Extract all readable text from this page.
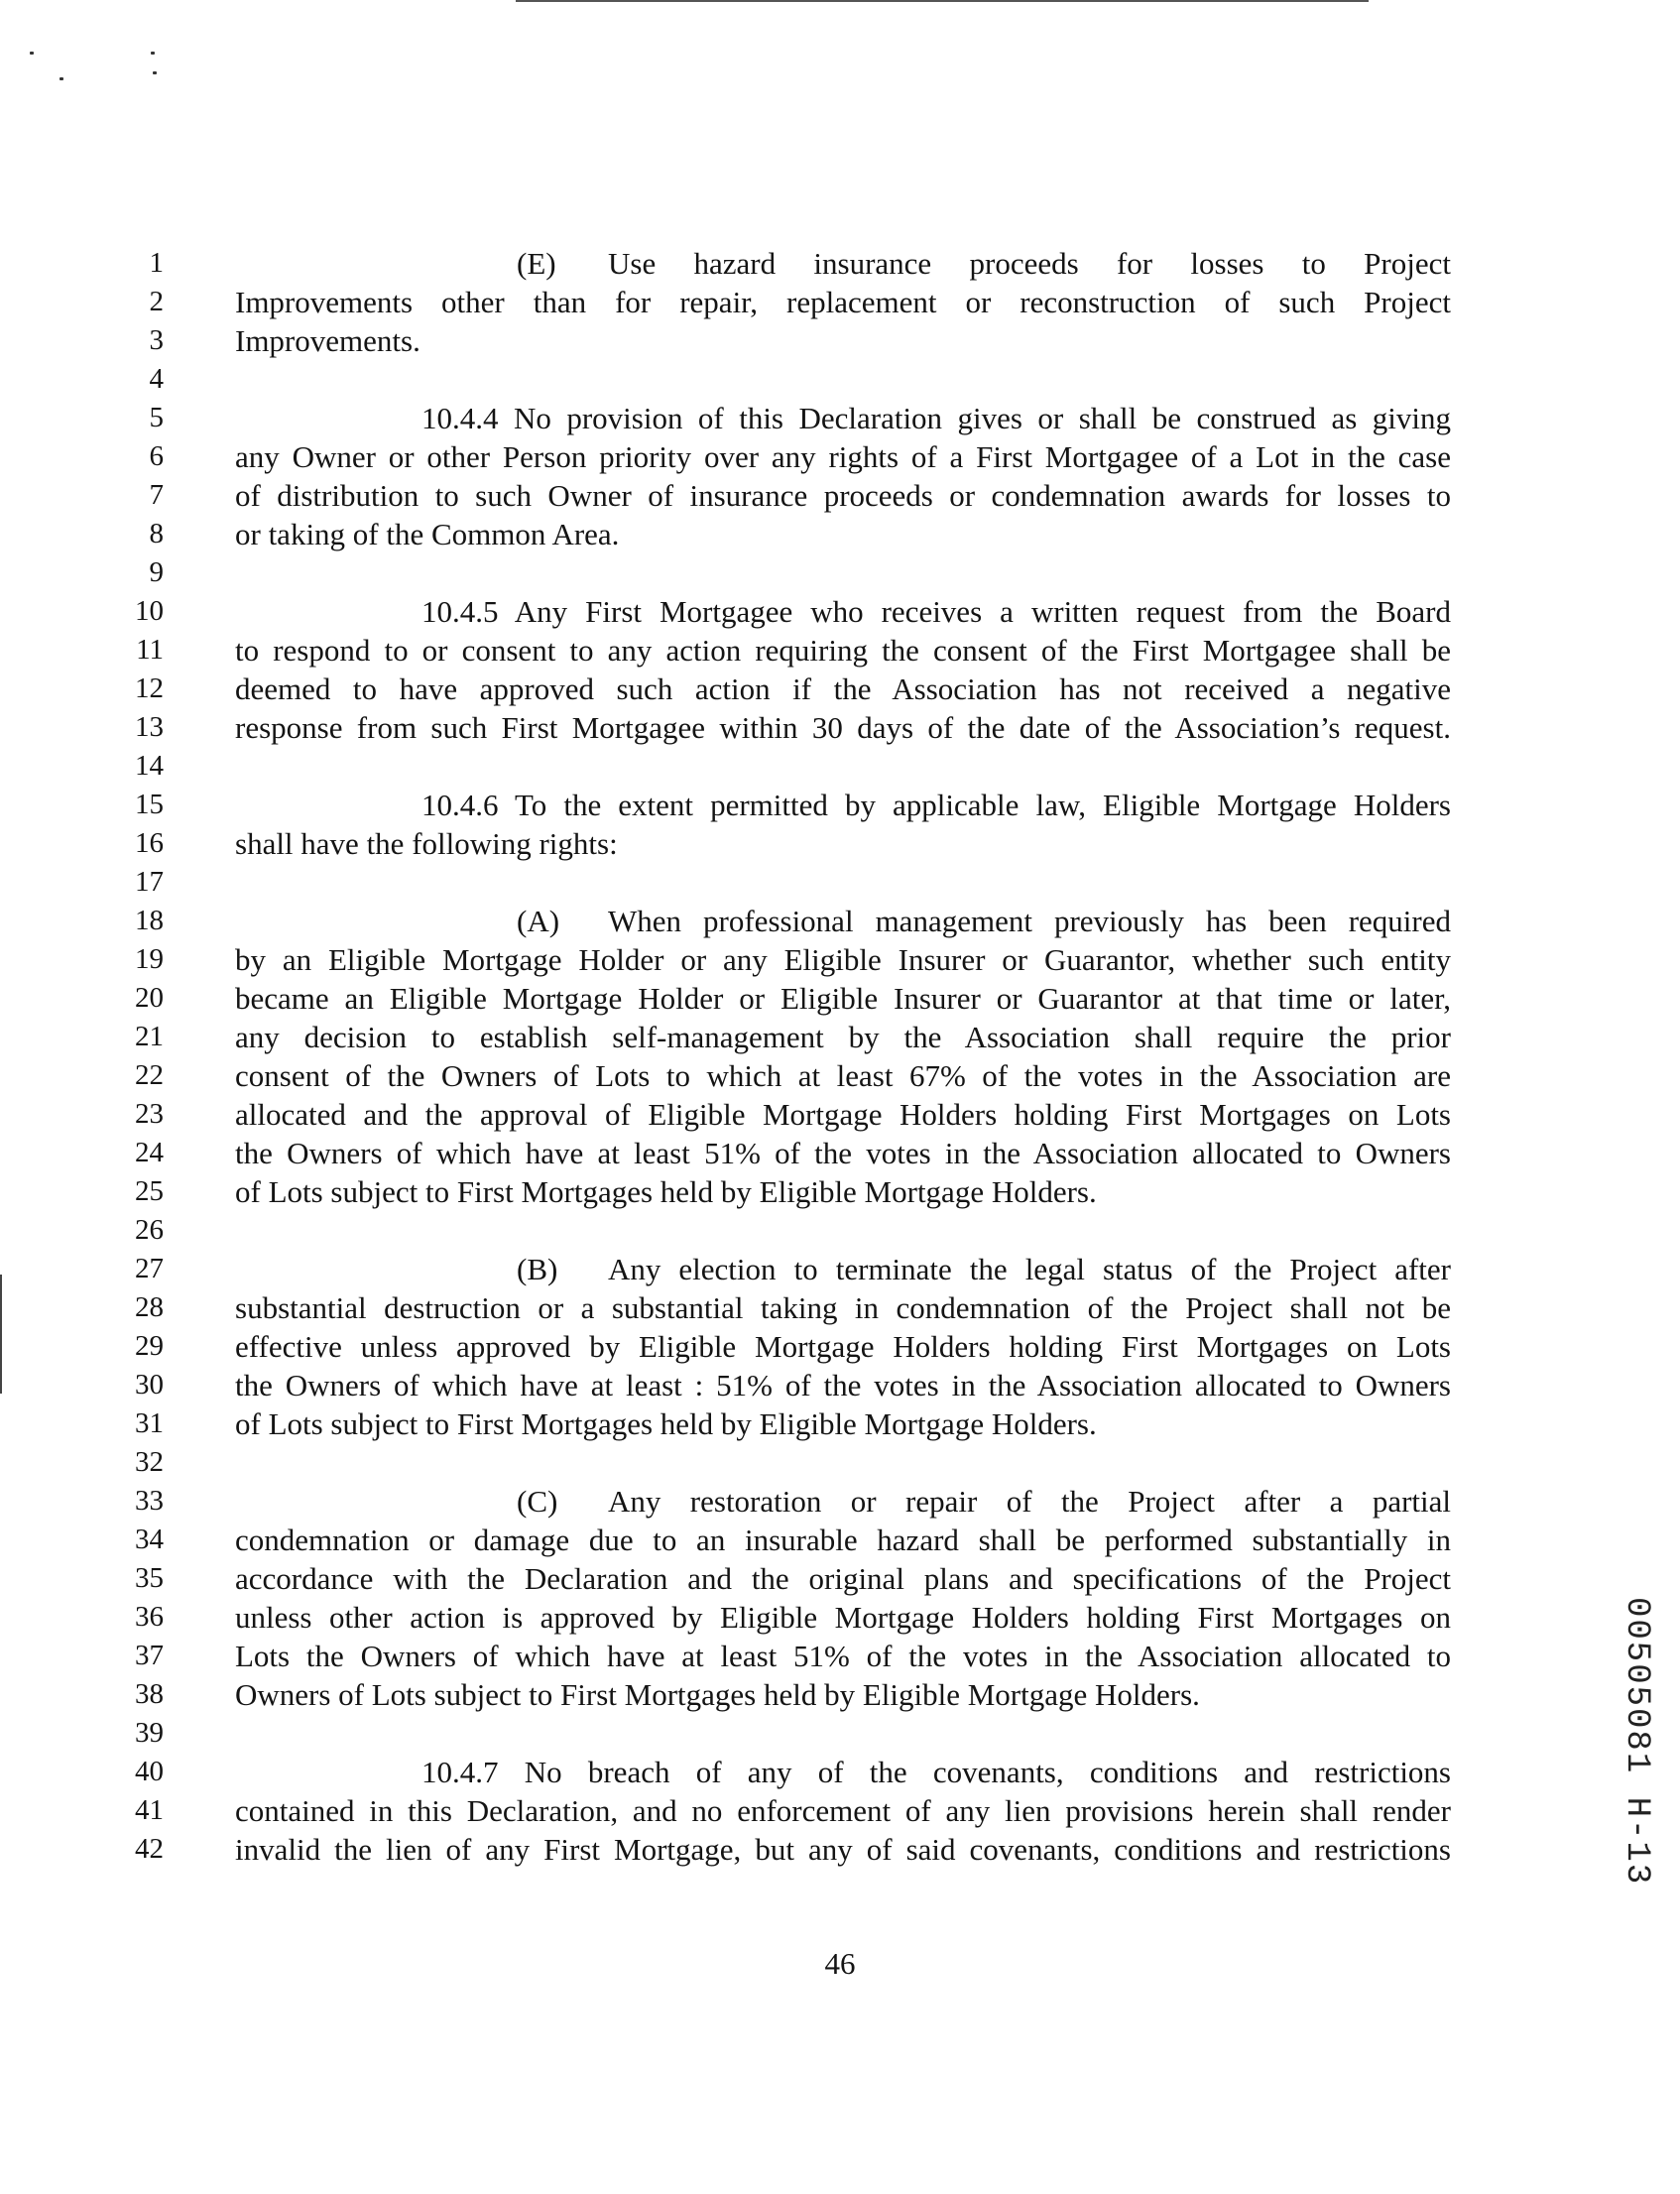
1	(E) Use hazard insurance proceeds for losses to Project
2 Improvements other than for repair, replacement or reconstruction of such Project
3 Improvements.
4
5	10.4.4 No provision of this Declaration gives or shall be construed as giving
6 any Owner or other Person priority over any rights of a First Mortgagee of a Lot in the case
7 of distribution to such Owner of insurance proceeds or condemnation awards for losses to
8 or taking of the Common Area.
9
10	10.4.5 Any First Mortgagee who receives a written request from the Board
11 to respond to or consent to any action requiring the consent of the First Mortgagee shall be
12 deemed to have approved such action if the Association has not received a negative
13 response from such First Mortgagee within 30 days of the date of the Association’s request.
14
15	10.4.6 To the extent permitted by applicable law, Eligible Mortgage Holders
16 shall have the following rights:
17
18	(A) When professional management previously has been required
19 by an Eligible Mortgage Holder or any Eligible Insurer or Guarantor, whether such entity
20 became an Eligible Mortgage Holder or Eligible Insurer or Guarantor at that time or later,
21 any decision to establish self-management by the Association shall require the prior
22 consent of the Owners of Lots to which at least 67% of the votes in the Association are
23 allocated and the approval of Eligible Mortgage Holders holding First Mortgages on Lots
24 the Owners of which have at least 51% of the votes in the Association allocated to Owners
25 of Lots subject to First Mortgages held by Eligible Mortgage Holders.
26
27	(B) Any election to terminate the legal status of the Project after
28 substantial destruction or a substantial taking in condemnation of the Project shall not be
29 effective unless approved by Eligible Mortgage Holders holding First Mortgages on Lots
30 the Owners of which have at least : 51% of the votes in the Association allocated to Owners
31 of Lots subject to First Mortgages held by Eligible Mortgage Holders.
32
33	(C) Any restoration or repair of the Project after a partial
34 condemnation or damage due to an insurable hazard shall be performed substantially in
35 accordance with the Declaration and the original plans and specifications of the Project
36 unless other action is approved by Eligible Mortgage Holders holding First Mortgages on
37 Lots the Owners of which have at least 51% of the votes in the Association allocated to
38 Owners of Lots subject to First Mortgages held by Eligible Mortgage Holders.
39
40	10.4.7 No breach of any of the covenants, conditions and restrictions
41 contained in this Declaration, and no enforcement of any lien provisions herein shall render
42 invalid the lien of any First Mortgage, but any of said covenants, conditions and restrictions
46
00505081 H-13
